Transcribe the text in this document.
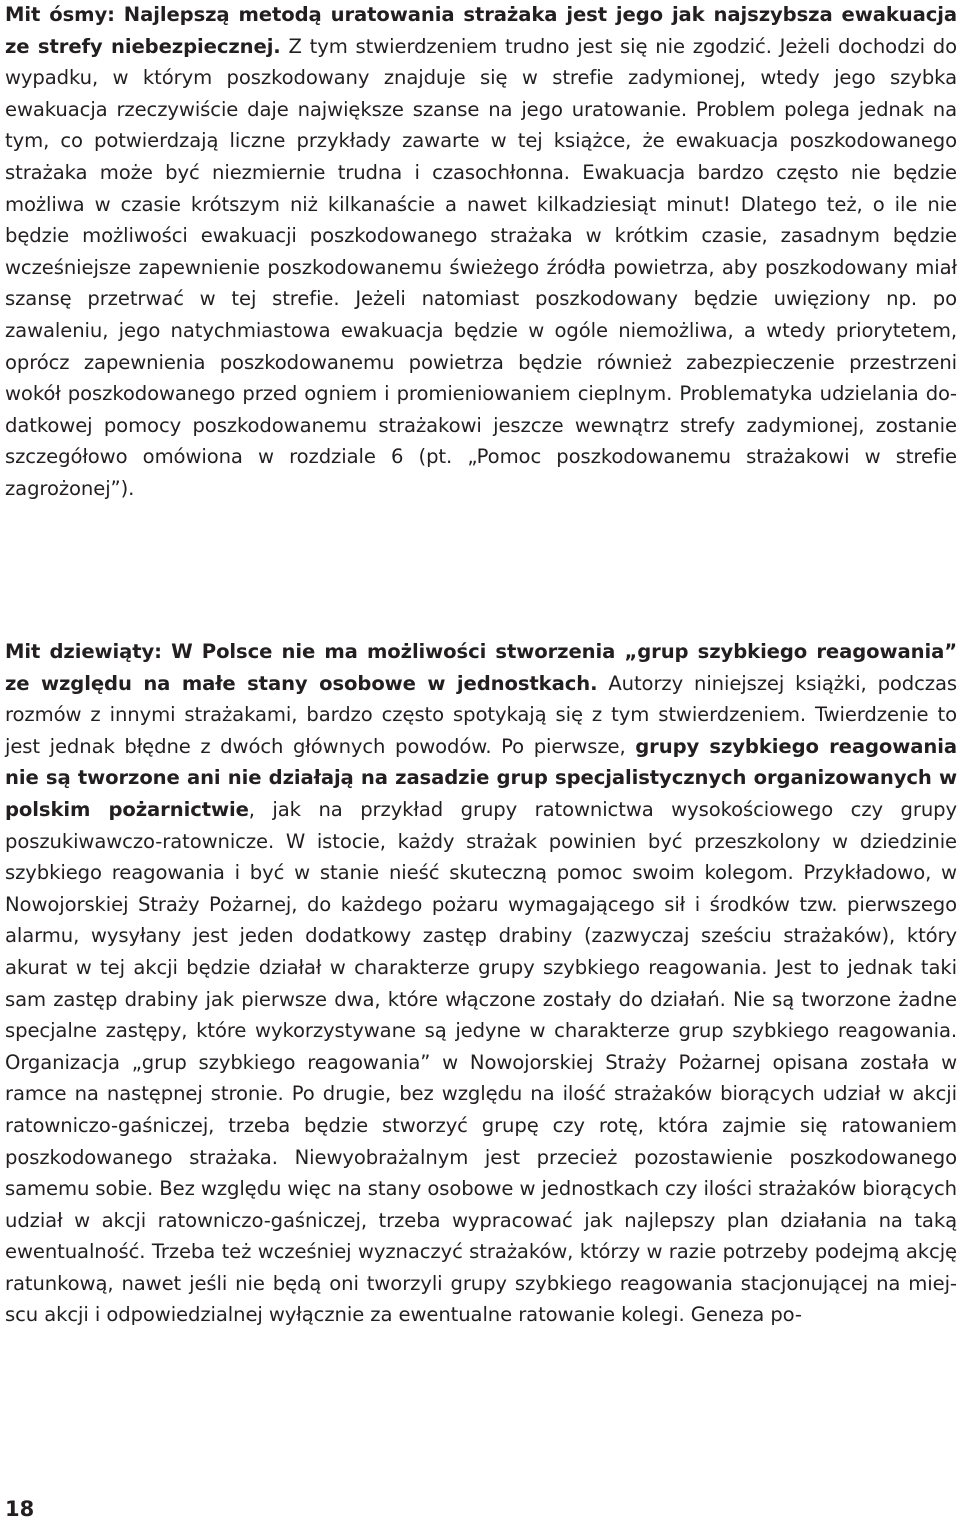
Mit ósmy: Najlepszą metodą uratowania strażaka jest jego jak najszybsza ewakuacja ze strefy niebezpiecznej. Z tym stwierdzeniem trudno jest się nie zgodzić. Jeżeli dochodzi do wypadku, w którym poszkodowany znajduje się w strefie zadymionej, wtedy jego szybka ewakuacja rzeczywiście daje największe szanse na jego uratowanie. Problem polega jednak na tym, co potwierdzają liczne przykłady zawarte w tej książce, że ewakuacja poszkodowanego strażaka może być niezmiernie trudna i czasochłonna. Ewakuacja bardzo często nie będzie możliwa w czasie krótszym niż kilkanaście a nawet kilkadziesiąt minut! Dlatego też, o ile nie będzie możliwości ewakuacji poszkodowanego strażaka w krótkim czasie, zasadnym będzie wcześniejsze zapewnienie poszkodowanemu świeżego źródła powietrza, aby poszkodowany miał szansę przetrwać w tej strefie. Jeżeli natomiast poszkodowany będzie uwięziony np. po zawaleniu, jego natychmiastowa ewakuacja będzie w ogóle niemożliwa, a wtedy priorytetem, oprócz zapewnienia poszkodowanemu powietrza będzie również zabezpieczenie przestrzeni wokół poszkodowanego przed ogniem i promieniowaniem cieplnym. Problematyka udzielania dodatkowej pomocy poszkodowanemu strażakowi jeszcze wewnątrz strefy zadymionej, zostanie szczegółowo omówiona w rozdziale 6 (pt. „Pomoc poszkodowanemu strażakowi w strefie zagrożonej”).

Mit dziewiąty: W Polsce nie ma możliwości stworzenia „grup szybkiego reagowania” ze względu na małe stany osobowe w jednostkach. Autorzy niniejszej książki, podczas rozmów z innymi strażakami, bardzo często spotykają się z tym stwierdzeniem. Twierdzenie to jest jednak błędne z dwóch głównych powodów. Po pierwsze, grupy szybkiego reagowania nie są tworzone ani nie działają na zasadzie grup specjalistycznych organizowanych w polskim pożarnictwie, jak na przykład grupy ratownictwa wysokościowego czy grupy poszukiwawczo-ratownicze. W istocie, każdy strażak powinien być przeszkolony w dziedzinie szybkiego reagowania i być w stanie nieść skuteczną pomoc swoim kolegom. Przykładowo, w Nowojorskiej Straży Pożarnej, do każdego pożaru wymagającego sił i środków tzw. pierwszego alarmu, wysyłany jest jeden dodatkowy zastęp drabiny (zazwyczaj sześciu strażaków), który akurat w tej akcji będzie działał w charakterze grupy szybkiego reagowania. Jest to jednak taki sam zastęp drabiny jak pierwsze dwa, które włączone zostały do działań. Nie są tworzone żadne specjalne zastępy, które wykorzystywane są jedyne w charakterze grup szybkiego reagowania. Organizacja „grup szybkiego reagowania” w Nowojorskiej Straży Pożarnej opisana została w ramce na następnej stronie. Po drugie, bez względu na ilość strażaków biorących udział w akcji ratowniczo-gaśniczej, trzeba będzie stworzyć grupę czy rotę, która zajmie się ratowaniem poszkodowanego strażaka. Niewyobrażalnym jest przecież pozostawienie poszkodowanego samemu sobie. Bez względu więc na stany osobowe w jednostkach czy ilości strażaków biorących udział w akcji ratowniczo-gaśniczej, trzeba wypracować jak najlepszy plan działania na taką ewentualność. Trzeba też wcześniej wyznaczyć strażaków, którzy w razie potrzeby podejmą akcję ratunkową, nawet jeśli nie będą oni tworzyli grupy szybkiego reagowania stacjonującej na miejscu akcji i odpowiedzialnej wyłącznie za ewentualne ratowanie kolegi. Geneza po-

18
